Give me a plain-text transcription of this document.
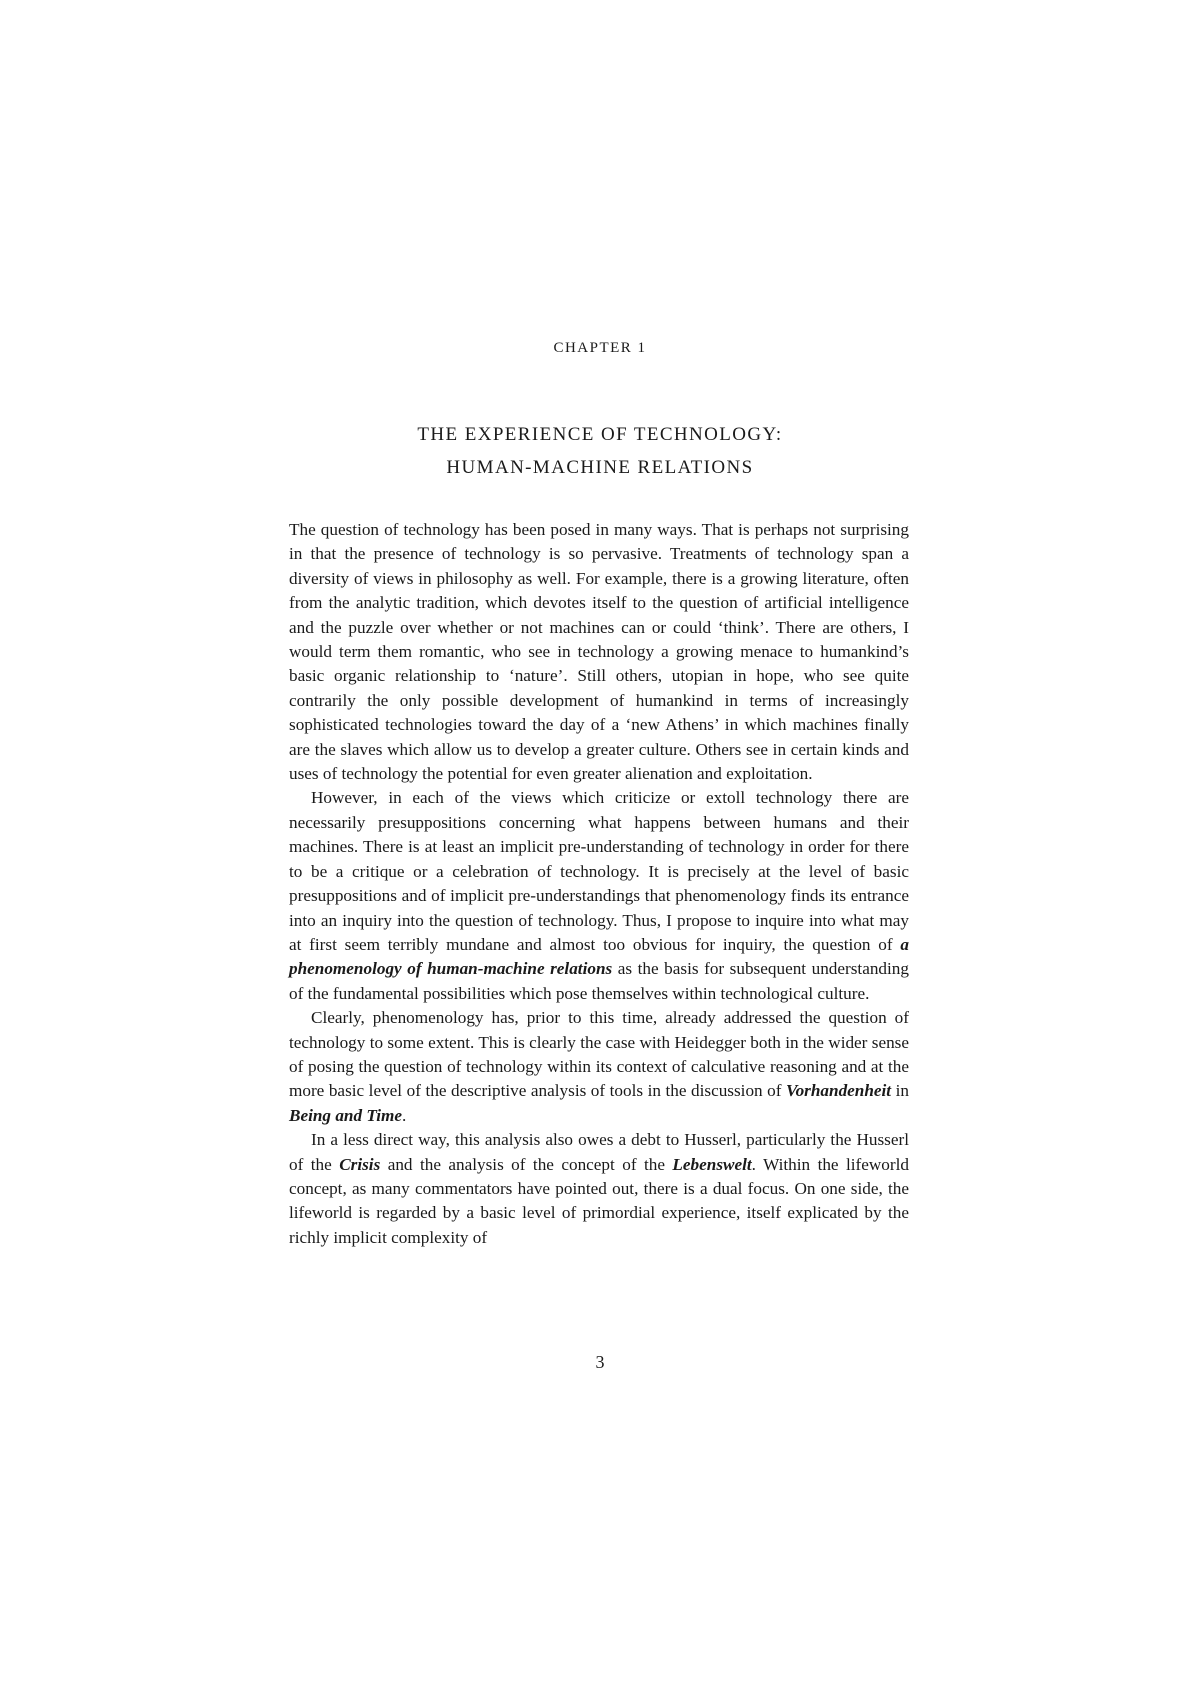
CHAPTER 1
THE EXPERIENCE OF TECHNOLOGY:
HUMAN-MACHINE RELATIONS

The question of technology has been posed in many ways. That is perhaps not surprising in that the presence of technology is so pervasive. Treatments of technology span a diversity of views in philosophy as well. For example, there is a growing literature, often from the analytic tradition, which devotes itself to the question of artificial intelligence and the puzzle over whether or not machines can or could ‘think’. There are others, I would term them romantic, who see in technology a growing menace to humankind’s basic organic relationship to ‘nature’. Still others, utopian in hope, who see quite contrarily the only possible development of humankind in terms of increasingly sophisticated technologies toward the day of a ‘new Athens’ in which machines finally are the slaves which allow us to develop a greater culture. Others see in certain kinds and uses of technology the potential for even greater alienation and exploitation.

However, in each of the views which criticize or extoll technology there are necessarily presuppositions concerning what happens between humans and their machines. There is at least an implicit pre-understanding of technology in order for there to be a critique or a celebration of technology. It is precisely at the level of basic presuppositions and of implicit pre-understandings that phenomenology finds its entrance into an inquiry into the question of technology. Thus, I propose to inquire into what may at first seem terribly mundane and almost too obvious for inquiry, the question of a phenomenology of human-machine relations as the basis for subsequent understanding of the fundamental possibilities which pose themselves within technological culture.

Clearly, phenomenology has, prior to this time, already addressed the question of technology to some extent. This is clearly the case with Heidegger both in the wider sense of posing the question of technology within its context of calculative reasoning and at the more basic level of the descriptive analysis of tools in the discussion of Vorhandenheit in Being and Time.

In a less direct way, this analysis also owes a debt to Husserl, particularly the Husserl of the Crisis and the analysis of the concept of the Lebenswelt. Within the lifeworld concept, as many commentators have pointed out, there is a dual focus. On one side, the lifeworld is regarded by a basic level of primordial experience, itself explicated by the richly implicit complexity of

3
